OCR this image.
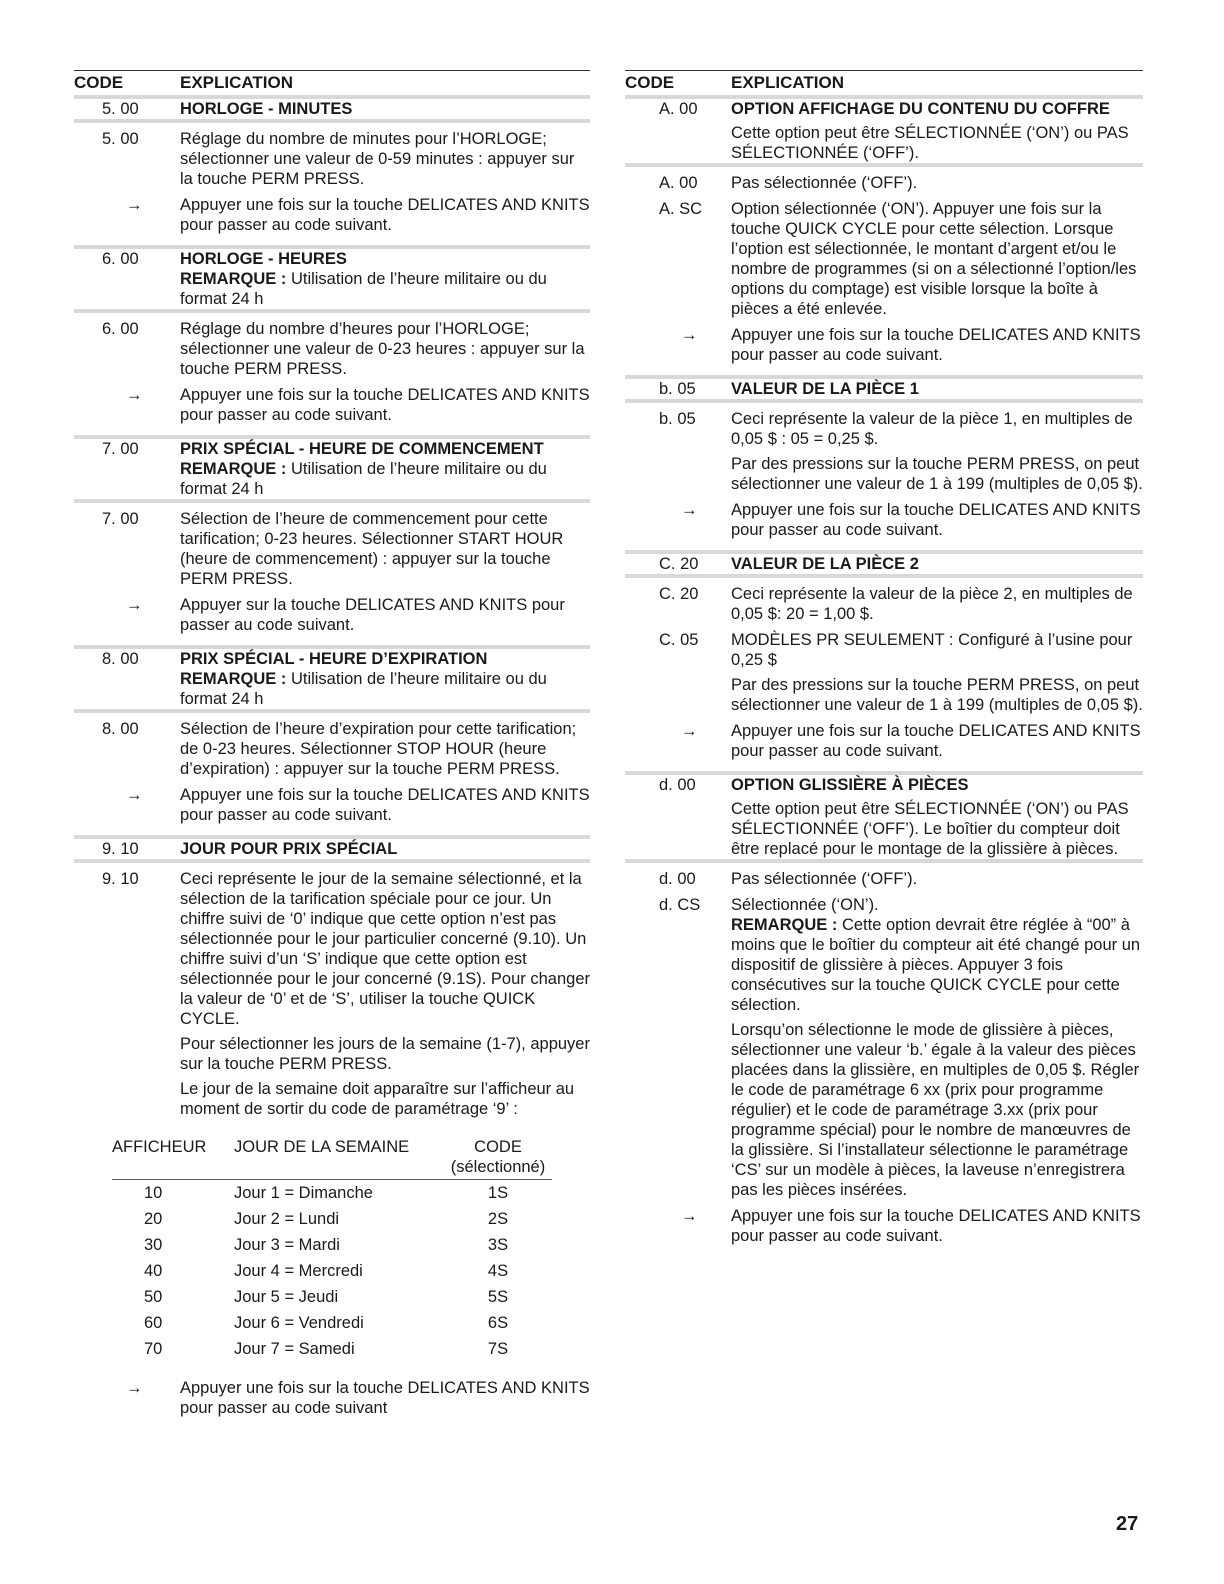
CODE	EXPLICATION
5. 00	HORLOGE - MINUTES
5. 00	Réglage du nombre de minutes pour l’HORLOGE; sélectionner une valeur de 0-59 minutes : appuyer sur la touche PERM PRESS.
→	Appuyer une fois sur la touche DELICATES AND KNITS pour passer au code suivant.
6. 00	HORLOGE - HEURES
REMARQUE : Utilisation de l’heure militaire ou du format 24 h
6. 00	Réglage du nombre d’heures pour l’HORLOGE; sélectionner une valeur de 0-23 heures : appuyer sur la touche PERM PRESS.
→	Appuyer une fois sur la touche DELICATES AND KNITS pour passer au code suivant.
7. 00	PRIX SPÉCIAL - HEURE DE COMMENCEMENT
REMARQUE : Utilisation de l’heure militaire ou du format 24 h
7. 00	Sélection de l’heure de commencement pour cette tarification; 0-23 heures. Sélectionner START HOUR (heure de commencement) : appuyer sur la touche PERM PRESS.
→	Appuyer sur la touche DELICATES AND KNITS pour passer au code suivant.
8. 00	PRIX SPÉCIAL - HEURE D’EXPIRATION
REMARQUE : Utilisation de l’heure militaire ou du format 24 h
8. 00	Sélection de l’heure d’expiration pour cette tarification; de 0-23 heures. Sélectionner STOP HOUR (heure d’expiration) : appuyer sur la touche PERM PRESS.
→	Appuyer une fois sur la touche DELICATES AND KNITS pour passer au code suivant.
9. 10	JOUR POUR PRIX SPÉCIAL
9. 10	Ceci représente le jour de la semaine sélectionné, et la sélection de la tarification spéciale pour ce jour. Un chiffre suivi de ‘0’ indique que cette option n’est pas sélectionnée pour le jour particulier concerné (9.10). Un chiffre suivi d’un ‘S’ indique que cette option est sélectionnée pour le jour concerné (9.1S). Pour changer la valeur de ‘0’ et de ‘S’, utiliser la touche QUICK CYCLE.
Pour sélectionner les jours de la semaine (1-7), appuyer sur la touche PERM PRESS.
Le jour de la semaine doit apparaître sur l’afficheur au moment de sortir du code de paramétrage ‘9’ :
AFFICHEUR	JOUR DE LA SEMAINE	CODE
(sélectionné)
10	Jour 1 = Dimanche	1S
20	Jour 2 = Lundi	2S
30	Jour 3 = Mardi	3S
40	Jour 4 = Mercredi	4S
50	Jour 5 = Jeudi	5S
60	Jour 6 = Vendredi	6S
70	Jour 7 = Samedi	7S
→	Appuyer une fois sur la touche DELICATES AND KNITS pour passer au code suivant
CODE	EXPLICATION
A. 00	OPTION AFFICHAGE DU CONTENU DU COFFRE
Cette option peut être SÉLECTIONNÉE (‘ON’) ou PAS SÉLECTIONNÉE (‘OFF’).
A. 00	Pas sélectionnée (‘OFF’).
A. SC	Option sélectionnée (‘ON’). Appuyer une fois sur la touche QUICK CYCLE pour cette sélection. Lorsque l’option est sélectionnée, le montant d’argent et/ou le nombre de programmes (si on a sélectionné l’option/les options du comptage) est visible lorsque la boîte à pièces a été enlevée.
→	Appuyer une fois sur la touche DELICATES AND KNITS pour passer au code suivant.
b. 05	VALEUR DE LA PIÈCE 1
b. 05	Ceci représente la valeur de la pièce 1, en multiples de 0,05 $ : 05 = 0,25 $.
Par des pressions sur la touche PERM PRESS, on peut sélectionner une valeur de 1 à 199 (multiples de 0,05 $).
→	Appuyer une fois sur la touche DELICATES AND KNITS pour passer au code suivant.
C. 20	VALEUR DE LA PIÈCE 2
C. 20	Ceci représente la valeur de la pièce 2, en multiples de 0,05 $: 20 = 1,00 $.
C. 05	MODÈLES PR SEULEMENT : Configuré à l’usine pour 0,25 $
Par des pressions sur la touche PERM PRESS, on peut sélectionner une valeur de 1 à 199 (multiples de 0,05 $).
→	Appuyer une fois sur la touche DELICATES AND KNITS pour passer au code suivant.
d. 00	OPTION GLISSIÈRE À PIÈCES
Cette option peut être SÉLECTIONNÉE (‘ON’) ou PAS SÉLECTIONNÉE (‘OFF’). Le boîtier du compteur doit être replacé pour le montage de la glissière à pièces.
d. 00	Pas sélectionnée (‘OFF’).
d. CS	Sélectionnée (‘ON’).
REMARQUE : Cette option devrait être réglée à “00” à moins que le boîtier du compteur ait été changé pour un dispositif de glissière à pièces. Appuyer 3 fois consécutives sur la touche QUICK CYCLE pour cette sélection.
Lorsqu’on sélectionne le mode de glissière à pièces, sélectionner une valeur ‘b.’ égale à la valeur des pièces placées dans la glissière, en multiples de 0,05 $. Régler le code de paramétrage 6 xx (prix pour programme régulier) et le code de paramétrage 3.xx (prix pour programme spécial) pour le nombre de manœuvres de la glissière. Si l’installateur sélectionne le paramétrage ‘CS’ sur un modèle à pièces, la laveuse n’enregistrera pas les pièces insérées.
→	Appuyer une fois sur la touche DELICATES AND KNITS pour passer au code suivant.
27
